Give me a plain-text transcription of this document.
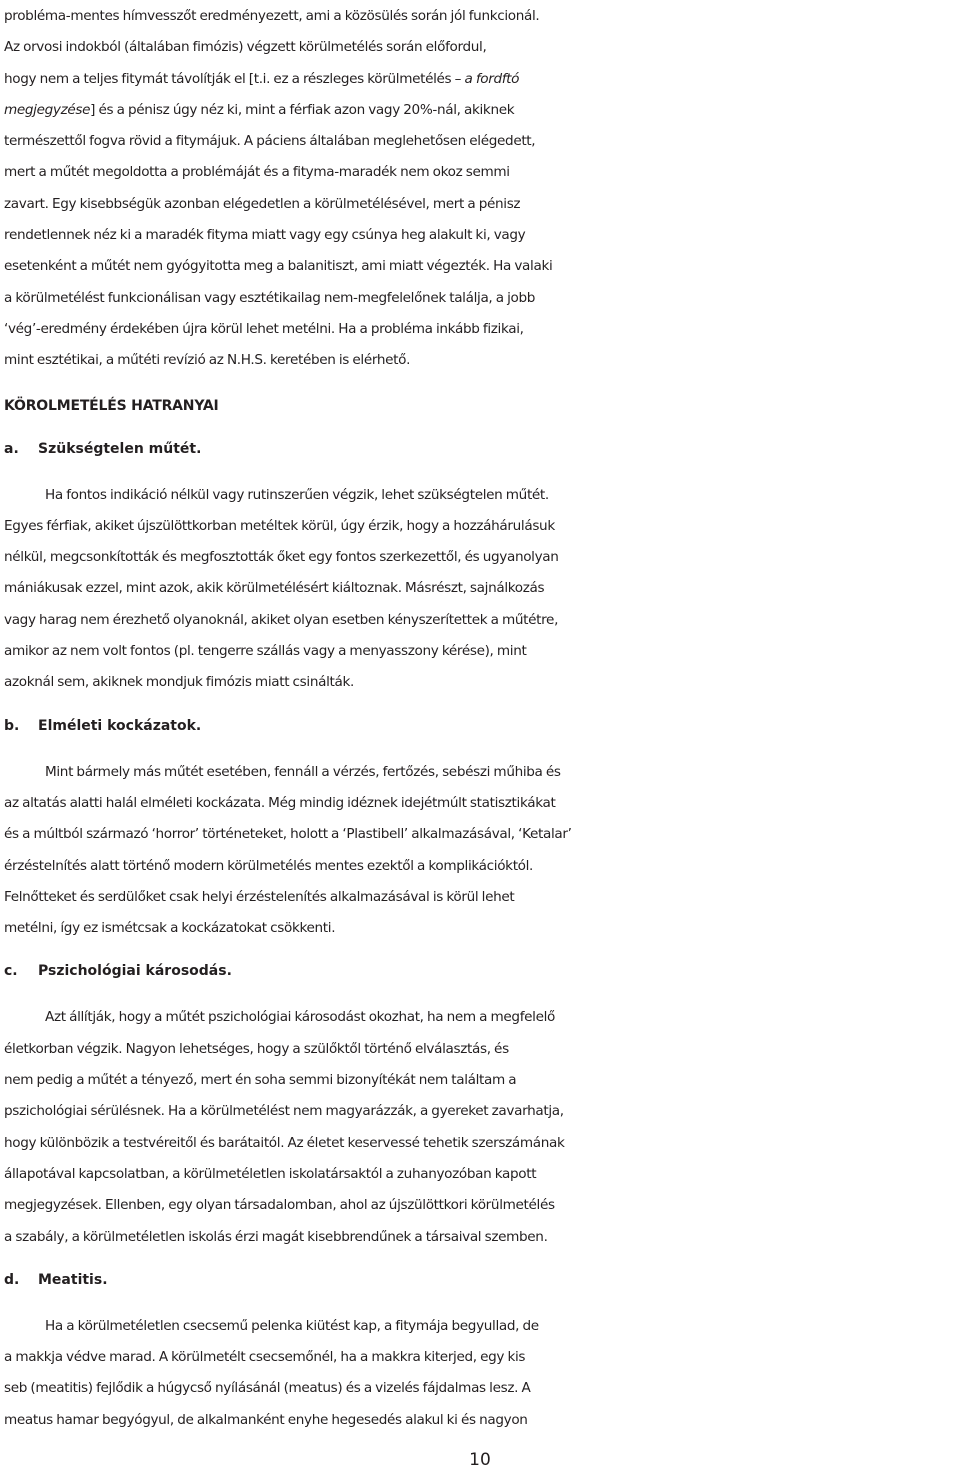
probléma-mentes hímvesszőt eredményezett, ami a közösülés során jól funkcionál.
Az orvosi indokból (általában fimózis) végzett körülmetélés során előfordul,
hogy nem a teljes fitymát távolítják el [t.i. ez a részleges körülmetélés – a fordftó
megjegyzése] és a pénisz úgy néz ki, mint a férfiak azon vagy 20%-nál, akiknek
természettől fogva rövid a fitymájuk. A páciens általában meglehetősen elégedett,
mert a műtét megoldotta a problémáját és a fityma-maradék nem okoz semmi
zavart. Egy kisebbségük azonban elégedetlen a körülmetélésével, mert a pénisz
rendetlennek néz ki a maradék fityma miatt vagy egy csúnya heg alakult ki, vagy
esetenként a műtét nem gyógyitotta meg a balanitiszt, ami miatt végezték. Ha valaki
a körülmetélést funkcionálisan vagy esztétikailag nem-megfelelőnek találja, a jobb
‘vég’-eredmény érdekében újra körül lehet metélni. Ha a probléma inkább fizikai,
mint esztétikai, a műtéti revízió az N.H.S. keretében is elérhető.
KÖROLMETÉLÉS HATRANYAI
a. Szükségtelen műtét.
Ha fontos indikáció nélkül vagy rutinszerűen végzik, lehet szükségtelen műtét.
Egyes férfiak, akiket újszülöttkorban metéltek körül, úgy érzik, hogy a hozzáhárulásuk
nélkül, megcsonkították és megfosztották őket egy fontos szerkezettől, és ugyanolyan
mániákusak ezzel, mint azok, akik körülmetélésért kiáltoznak. Másrészt, sajnálkozás
vagy harag nem érezhető olyanoknál, akiket olyan esetben kényszerítettek a műtétre,
amikor az nem volt fontos (pl. tengerre szállás vagy a menyasszony kérése), mint
azoknál sem, akiknek mondjuk fimózis miatt csinálták.
b. Elméleti kockázatok.
Mint bármely más műtét esetében, fennáll a vérzés, fertőzés, sebészi műhiba és
az altatás alatti halál elméleti kockázata. Még mindig idéznek idejétmúlt statisztikákat
és a múltból származó ‘horror’ történeteket, holott a ‘Plastibell’ alkalmazásával, ‘Ketalar’
érzéstelnítés alatt történő modern körülmetélés mentes ezektől a komplikációktól.
Felnőtteket és serdülőket csak helyi érzéstelenítés alkalmazásával is körül lehet
metélni, így ez ismétcsak a kockázatokat csökkenti.
c. Pszichológiai károsodás.
Azt állítják, hogy a műtét pszichológiai károsodást okozhat, ha nem a megfelelő
életkorban végzik. Nagyon lehetséges, hogy a szülőktől történő elválasztás, és
nem pedig a műtét a tényező, mert én soha semmi bizonyítékát nem találtam a
pszichológiai sérülésnek. Ha a körülmetélést nem magyarázzák, a gyereket zavarhatja,
hogy különbözik a testvéreitől és barátaitól. Az életet keservessé tehetik szerszámának
állapotával kapcsolatban, a körülmetéletlen iskolatársaktól a zuhanyozóban kapott
megjegyzések. Ellenben, egy olyan társadalomban, ahol az újszülöttkori körülmetélés
a szabály, a körülmetéletlen iskolás érzi magát kisebbrendűnek a társaival szemben.
d. Meatitis.
Ha a körülmetéletlen csecsemű pelenka kiütést kap, a fitymája begyullad, de
a makkja védve marad. A körülmetélt csecsemőnél, ha a makkra kiterjed, egy kis
seb (meatitis) fejlődik a húgycső nyílásánál (meatus) és a vizelés fájdalmas lesz. A
meatus hamar begyógyul, de alkalmanként enyhe hegesedés alakul ki és nagyon
10
